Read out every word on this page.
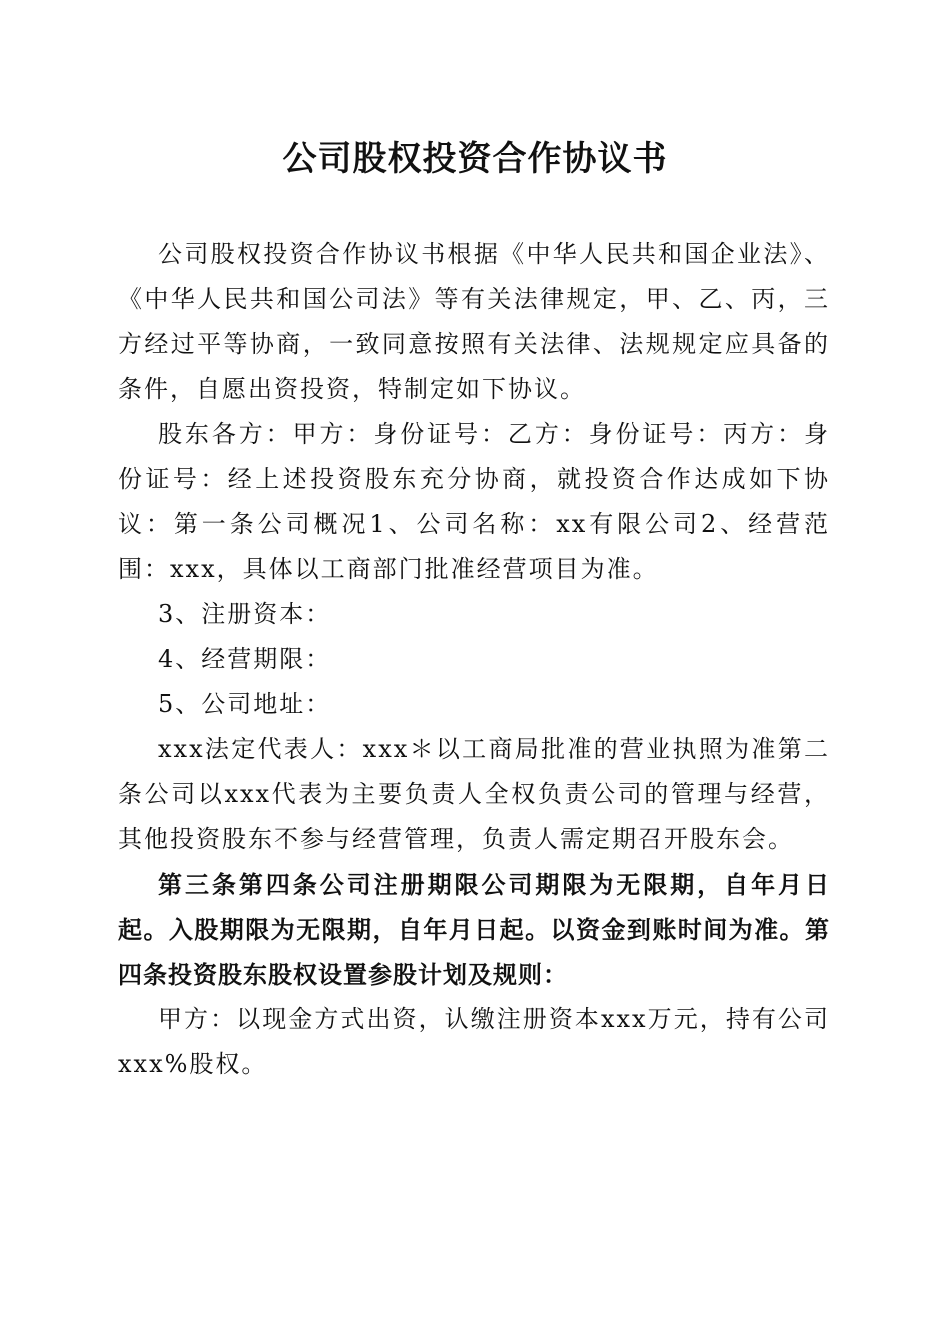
公司股权投资合作协议书

公司股权投资合作协议书根据《中华人民共和国企业法》、《中华人民共和国公司法》等有关法律规定，甲、乙、丙，三方经过平等协商，一致同意按照有关法律、法规规定应具备的条件，自愿出资投资，特制定如下协议。

股东各方：甲方：身份证号：乙方：身份证号：丙方：身份证号：经上述投资股东充分协商，就投资合作达成如下协议：第一条公司概况1、公司名称：xx有限公司2、经营范围：xxx，具体以工商部门批准经营项目为准。

3、注册资本：

4、经营期限：

5、公司地址：

xxx法定代表人：xxx＊以工商局批准的营业执照为准第二条公司以xxx代表为主要负责人全权负责公司的管理与经营，其他投资股东不参与经营管理，负责人需定期召开股东会。

第三条第四条公司注册期限公司期限为无限期，自年月日起。入股期限为无限期，自年月日起。以资金到账时间为准。第四条投资股东股权设置参股计划及规则：

甲方：以现金方式出资，认缴注册资本xxx万元，持有公司xxx%股权。
